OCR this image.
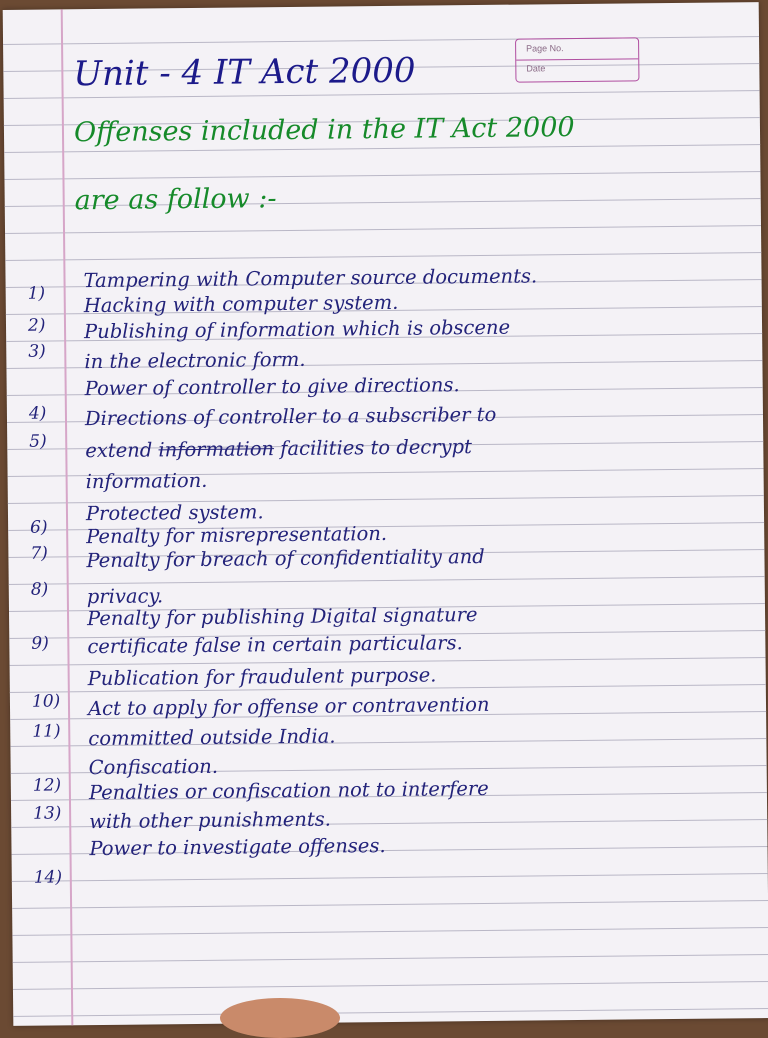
Page No.
Date
Unit - 4 IT Act 2000
Offenses included in the IT Act 2000
are as follow :-
1)
Tampering with Computer source documents.
2)
Hacking with computer system.
3)
Publishing of information which is obscene
in the electronic form.
4)
Power of controller to give directions.
5)
Directions of controller to a subscriber to
extend information facilities to decrypt
information.
6)
Protected system.
7)
Penalty for misrepresentation.
8)
Penalty for breach of confidentiality and
privacy.
9)
Penalty for publishing Digital signature
certificate false in certain particulars.
10)
Publication for fraudulent purpose.
11)
Act to apply for offense or contravention
committed outside India.
12)
Confiscation.
13)
Penalties or confiscation not to interfere
with other punishments.
14)
Power to investigate offenses.
